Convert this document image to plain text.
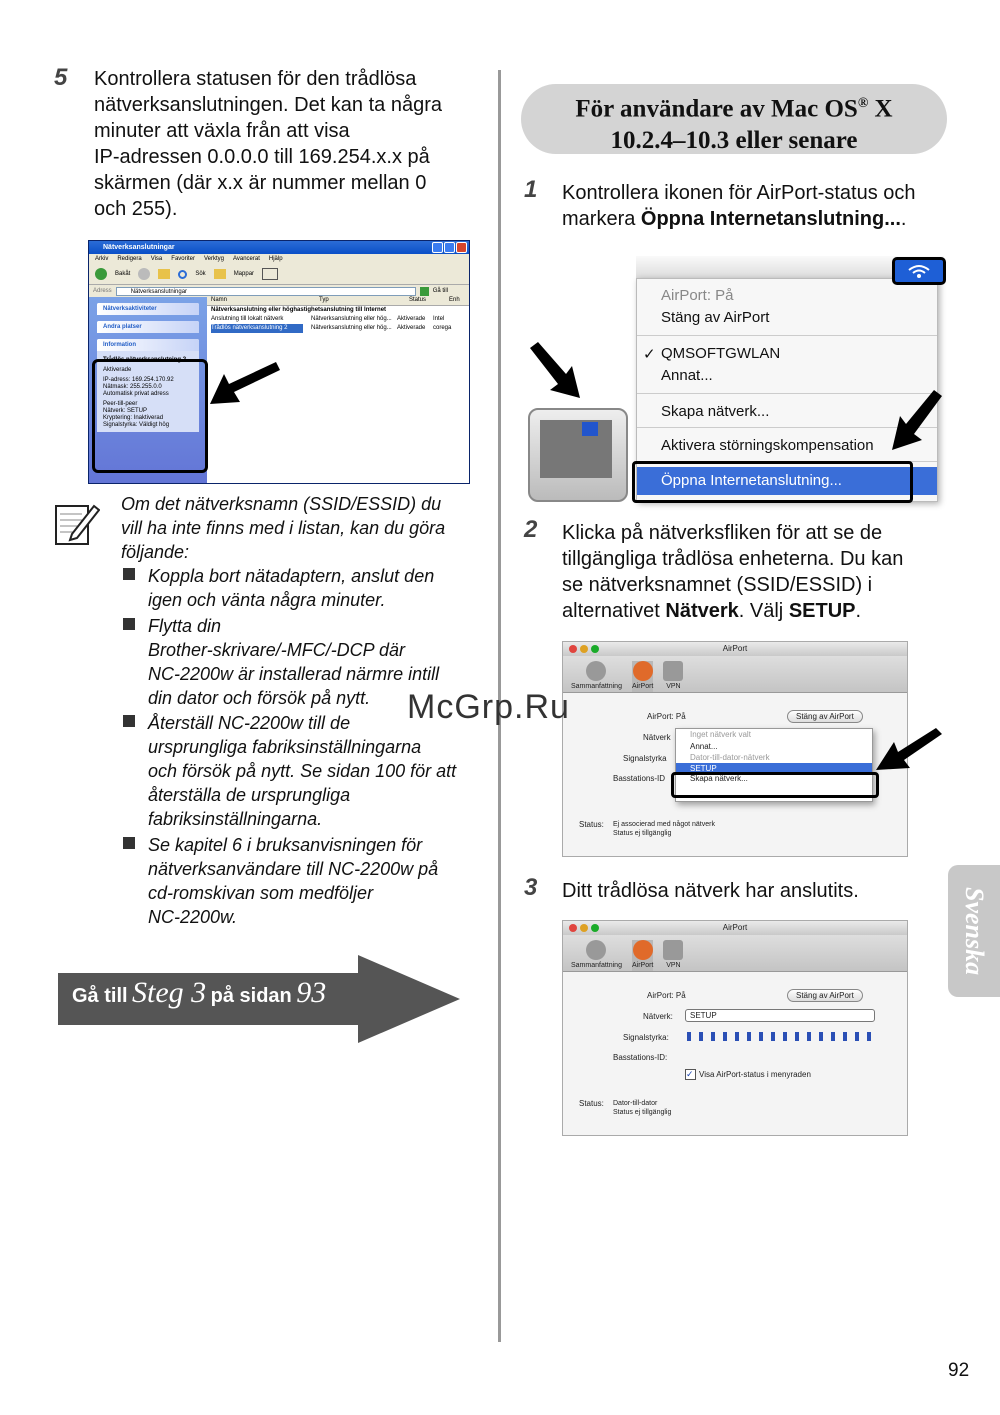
5 Kontrollera statusen för den trådlösa
nätverksanslutningen. Det kan ta några
minuter att växla från att visa
IP-adressen 0.0.0.0 till 169.254.x.x på
skärmen (där x.x är nummer mellan 0
och 255).
Nätverksanslutningar
Arkiv Redigera Visa Favoriter Verktyg Avancerat Hjälp
Bakåt	Sök	Mappar
Adress	Nätverksanslutningar	Gå till
Nätverksaktiviteter
Andra platser
Information
Trådlös nätverksanslutning 2
Aktiverade
IP-adress: 169.254.170.92
Nätmask: 255.255.0.0
Automatisk privat adress
Peer-till-peer
Nätverk: SETUP
Kryptering: Inaktiverad
Signalstyrka: Väldigt hög
Namn	Typ	Status	Enh
Nätverksanslutning eller höghastighetsanslutning till Internet
Anslutning till lokalt nätverk	Nätverksanslutning eller hög... Aktiverade	Intel
Trådlös nätverksanslutning 2	Nätverksanslutning eller hög... Aktiverade	corega
Om det nätverksnamn (SSID/ESSID) du
vill ha inte finns med i listan, kan du göra
följande:
Koppla bort nätadaptern, anslut den
igen och vänta några minuter.
Flytta din
Brother-skrivare/-MFC/-DCP där
NC-2200w är installerad närmre intill
din dator och försök på nytt.
Återställ NC-2200w till de
ursprungliga fabriksinställningarna
och försök på nytt. Se sidan 100 för att
återställa de ursprungliga
fabriksinställningarna.
Se kapitel 6 i bruksanvisningen för
nätverksanvändare till NC-2200w på
cd-romskivan som medföljer
NC-2200w.
Gå till Steg 3 på sidan 93
För användare av Mac OS® X
10.2.4–10.3 eller senare
1 Kontrollera ikonen för AirPort-status och
markera Öppna Internetanslutning....
AirPort: På
Stäng av AirPort
✓ QMSOFTGWLAN
Annat...
Skapa nätverk...
Aktivera störningskompensation
Öppna Internetanslutning...
2 Klicka på nätverksfliken för att se de
tillgängliga trådlösa enheterna. Du kan
se nätverksnamnet (SSID/ESSID) i
alternativet Nätverk. Välj SETUP.
AirPort
Sammanfattning AirPort	VPN
AirPort: På	Stäng av AirPort
Nätverk
Signalstyrka
Basstations-ID
Inget nätverk valt
Annat...
Dator-till-dator-nätverk
SETUP
Skapa nätverk...
Status: Ej associerad med något nätverk
Status ej tillgänglig
3 Ditt trådlösa nätverk har anslutits.
AirPort
Sammanfattning AirPort	VPN
AirPort: På	Stäng av AirPort
Nätverk:	SETUP
Signalstyrka:
Basstations-ID:
✓ Visa AirPort-status i menyraden
Status: Dator-till-dator
Status ej tillgänglig
Svenska
McGrp.Ru
92
